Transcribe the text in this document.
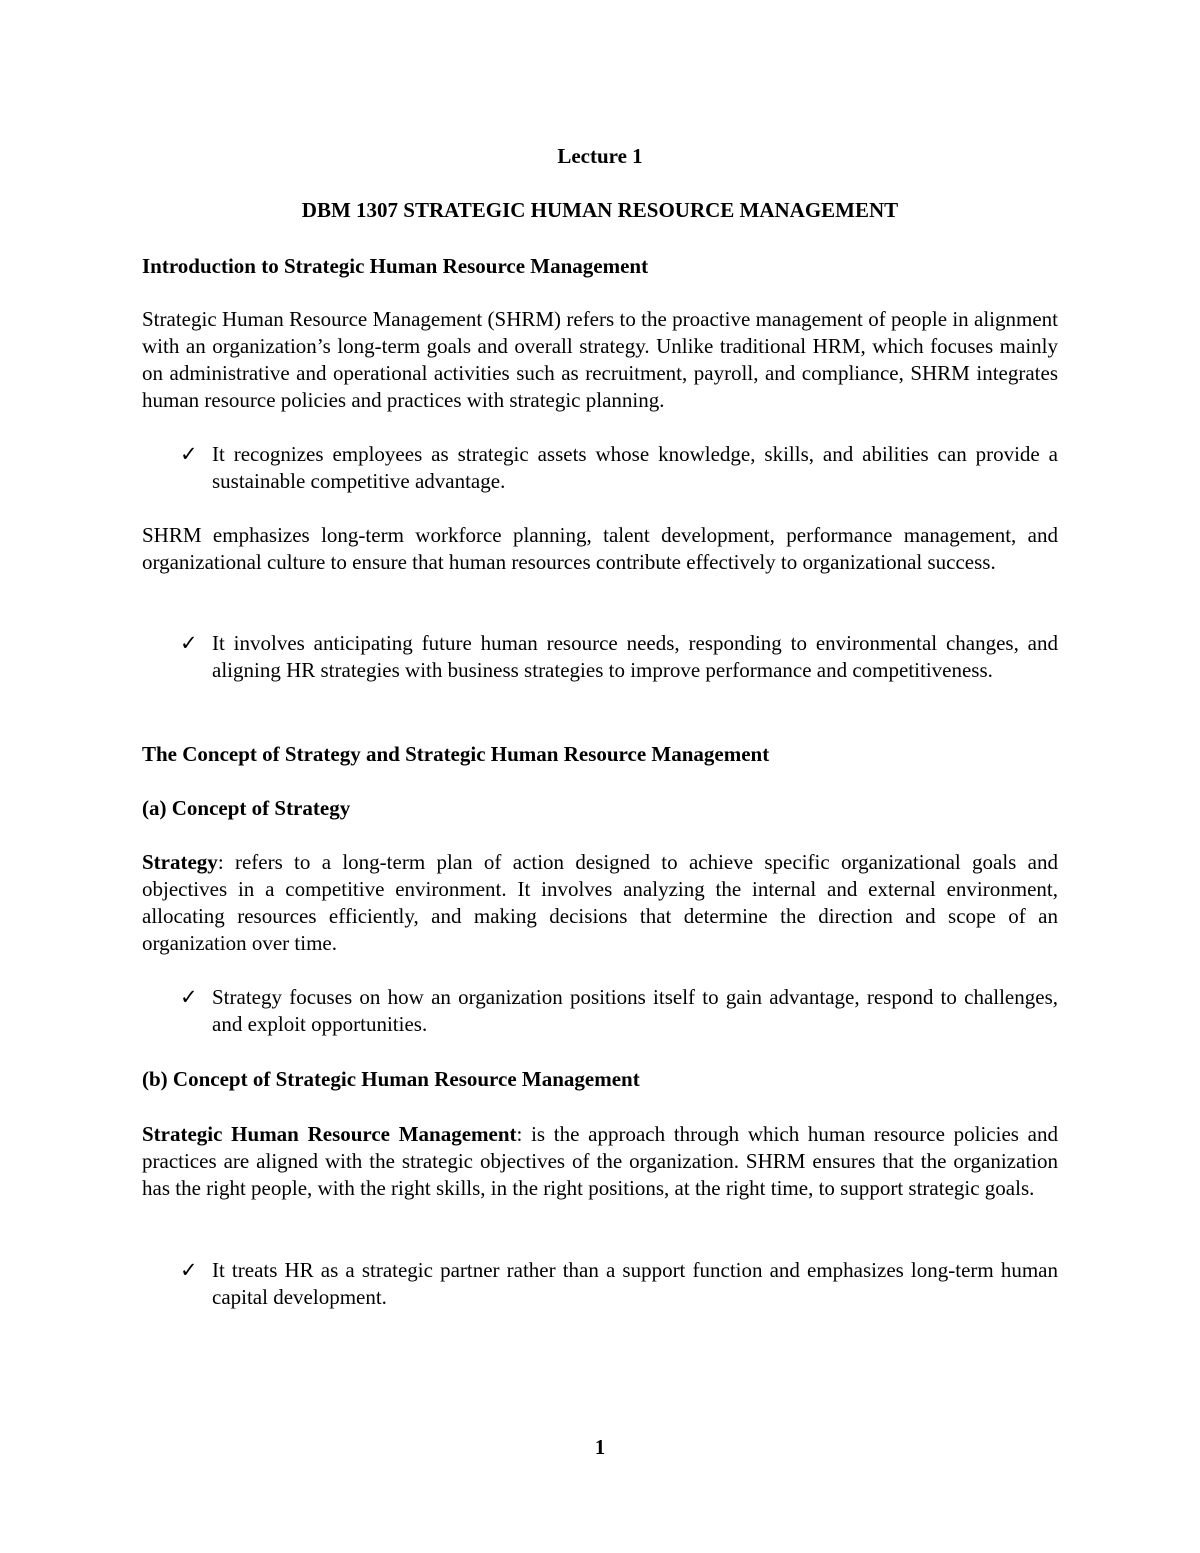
Lecture 1

DBM 1307 STRATEGIC HUMAN RESOURCE MANAGEMENT

Introduction to Strategic Human Resource Management

Strategic Human Resource Management (SHRM) refers to the proactive management of people in alignment with an organization’s long-term goals and overall strategy. Unlike traditional HRM, which focuses mainly on administrative and operational activities such as recruitment, payroll, and compliance, SHRM integrates human resource policies and practices with strategic planning.

✓ It recognizes employees as strategic assets whose knowledge, skills, and abilities can provide a sustainable competitive advantage.

SHRM emphasizes long-term workforce planning, talent development, performance management, and organizational culture to ensure that human resources contribute effectively to organizational success.

✓ It involves anticipating future human resource needs, responding to environmental changes, and aligning HR strategies with business strategies to improve performance and competitiveness.

The Concept of Strategy and Strategic Human Resource Management

(a) Concept of Strategy

Strategy: refers to a long-term plan of action designed to achieve specific organizational goals and objectives in a competitive environment. It involves analyzing the internal and external environment, allocating resources efficiently, and making decisions that determine the direction and scope of an organization over time.

✓ Strategy focuses on how an organization positions itself to gain advantage, respond to challenges, and exploit opportunities.

(b) Concept of Strategic Human Resource Management

Strategic Human Resource Management: is the approach through which human resource policies and practices are aligned with the strategic objectives of the organization. SHRM ensures that the organization has the right people, with the right skills, in the right positions, at the right time, to support strategic goals.

✓ It treats HR as a strategic partner rather than a support function and emphasizes long-term human capital development.
1
